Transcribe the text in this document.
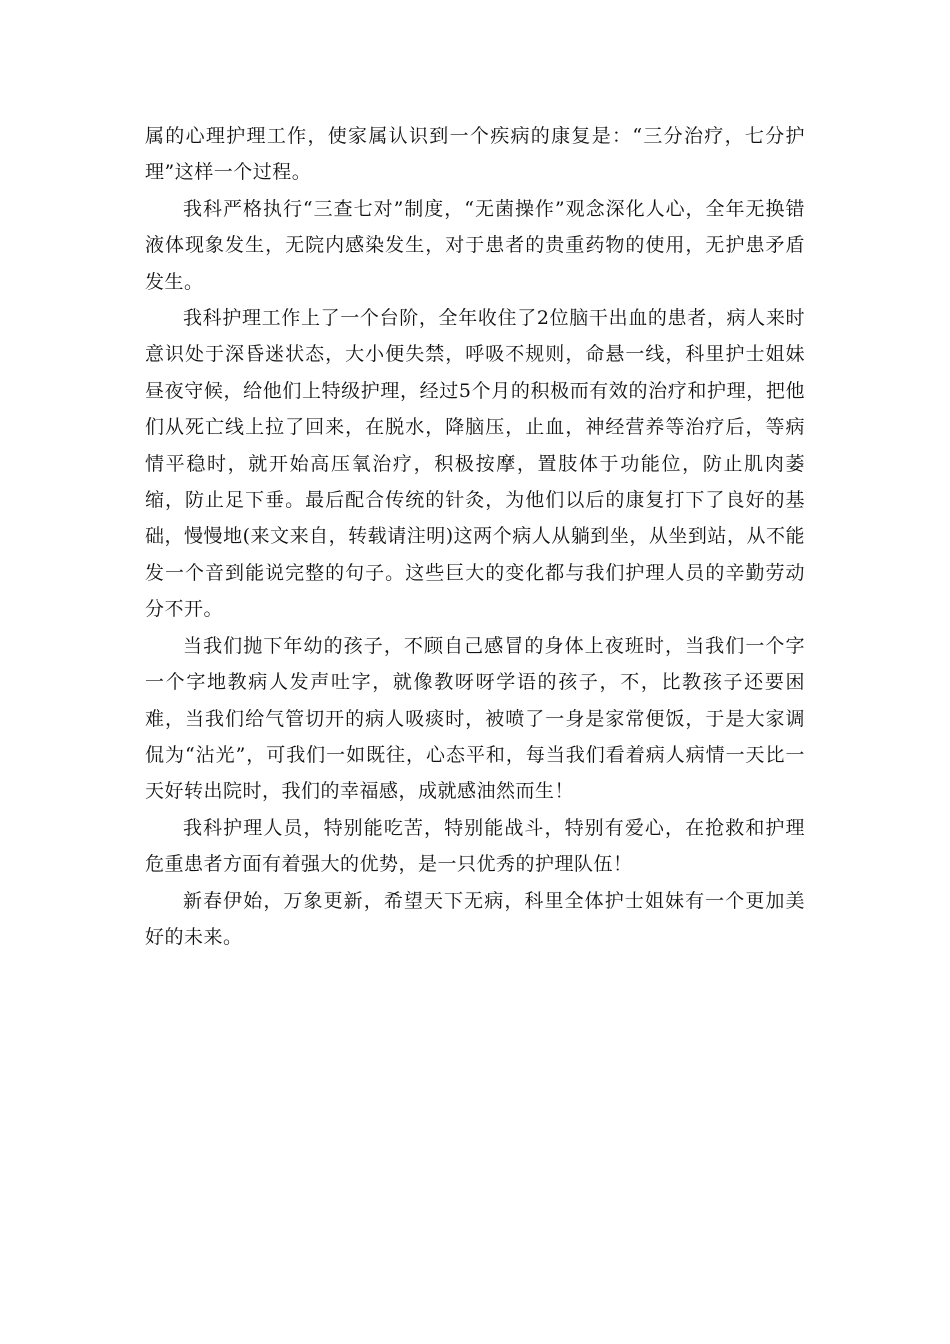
属的心理护理工作，使家属认识到一个疾病的康复是：“三分治疗，七分护理”这样一个过程。

我科严格执行“三查七对”制度，“无菌操作”观念深化人心，全年无换错液体现象发生，无院内感染发生，对于患者的贵重药物的使用，无护患矛盾发生。

我科护理工作上了一个台阶，全年收住了2位脑干出血的患者，病人来时意识处于深昏迷状态，大小便失禁，呼吸不规则，命悬一线，科里护士姐妹昼夜守候，给他们上特级护理，经过5个月的积极而有效的治疗和护理，把他们从死亡线上拉了回来，在脱水，降脑压，止血，神经营养等治疗后，等病情平稳时，就开始高压氧治疗，积极按摩，置肢体于功能位，防止肌肉萎缩，防止足下垂。最后配合传统的针灸，为他们以后的康复打下了良好的基础，慢慢地(来文来自，转载请注明)这两个病人从躺到坐，从坐到站，从不能发一个音到能说完整的句子。这些巨大的变化都与我们护理人员的辛勤劳动分不开。

当我们抛下年幼的孩子，不顾自己感冒的身体上夜班时，当我们一个字一个字地教病人发声吐字，就像教呀呀学语的孩子，不，比教孩子还要困难，当我们给气管切开的病人吸痰时，被喷了一身是家常便饭，于是大家调侃为“沾光”，可我们一如既往，心态平和，每当我们看着病人病情一天比一天好转出院时，我们的幸福感，成就感油然而生！

我科护理人员，特别能吃苦，特别能战斗，特别有爱心，在抢救和护理危重患者方面有着强大的优势，是一只优秀的护理队伍！

新春伊始，万象更新，希望天下无病，科里全体护士姐妹有一个更加美好的未来。
